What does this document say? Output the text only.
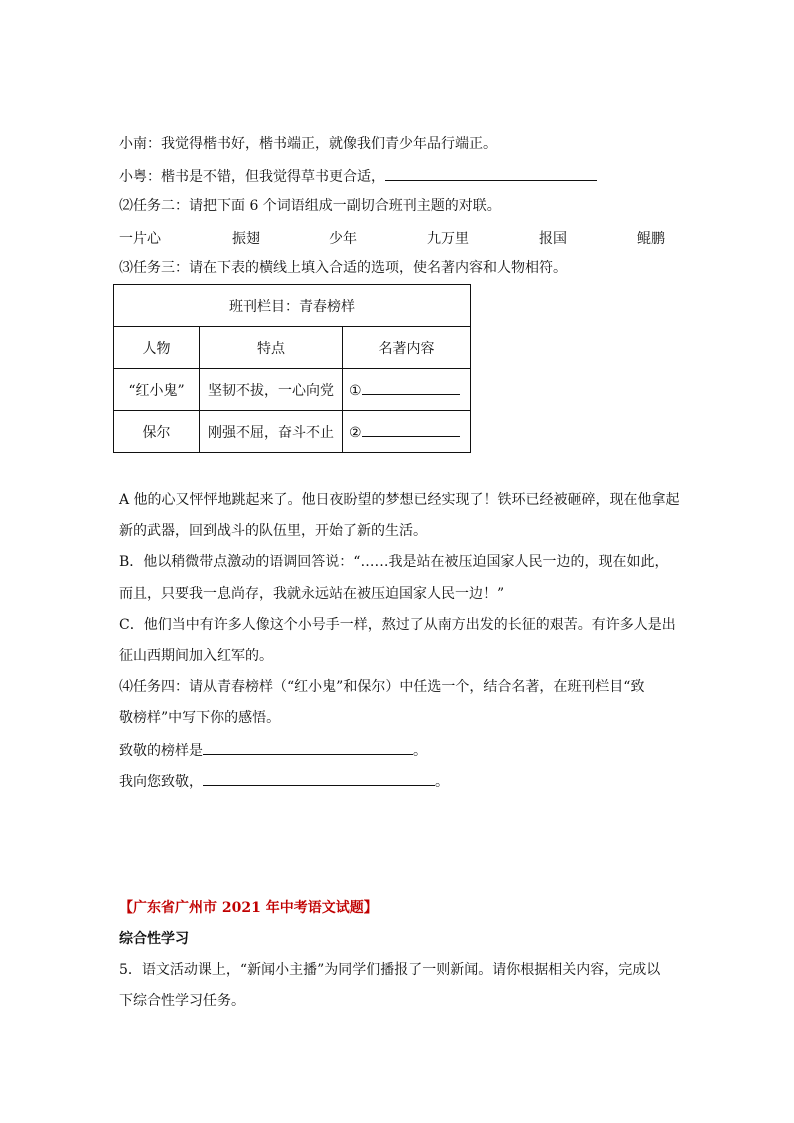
小南：我觉得楷书好，楷书端正，就像我们青少年品行端正。
小粤：楷书是不错，但我觉得草书更合适，
⑵任务二：请把下面 6 个词语组成一副切合班刊主题的对联。
一片心	振翅	少年	九万里	报国	鲲鹏
⑶任务三：请在下表的横线上填入合适的选项，使名著内容和人物相符。
班刊栏目：青春榜样		
人物	特点	名著内容
“红小鬼”	坚韧不拔，一心向党	①
保尔	刚强不屈，奋斗不止	②
A 他的心又怦怦地跳起来了。他日夜盼望的梦想已经实现了！铁环已经被砸碎，现在他拿起
新的武器，回到战斗的队伍里，开始了新的生活。
B．他以稍微带点激动的语调回答说：“……我是站在被压迫国家人民一边的，现在如此，
而且，只要我一息尚存，我就永远站在被压迫国家人民一边！”
C．他们当中有许多人像这个小号手一样，熬过了从南方出发的长征的艰苦。有许多人是出
征山西期间加入红军的。
⑷任务四：请从青春榜样（“红小鬼”和保尔）中任选一个，结合名著，在班刊栏目“致
敬榜样”中写下你的感悟。
致敬的榜样是	。
我向您致敬，	。
【广东省广州市 2021 年中考语文试题】
综合性学习
5．语文活动课上，“新闻小主播”为同学们播报了一则新闻。请你根据相关内容，完成以
下综合性学习任务。
